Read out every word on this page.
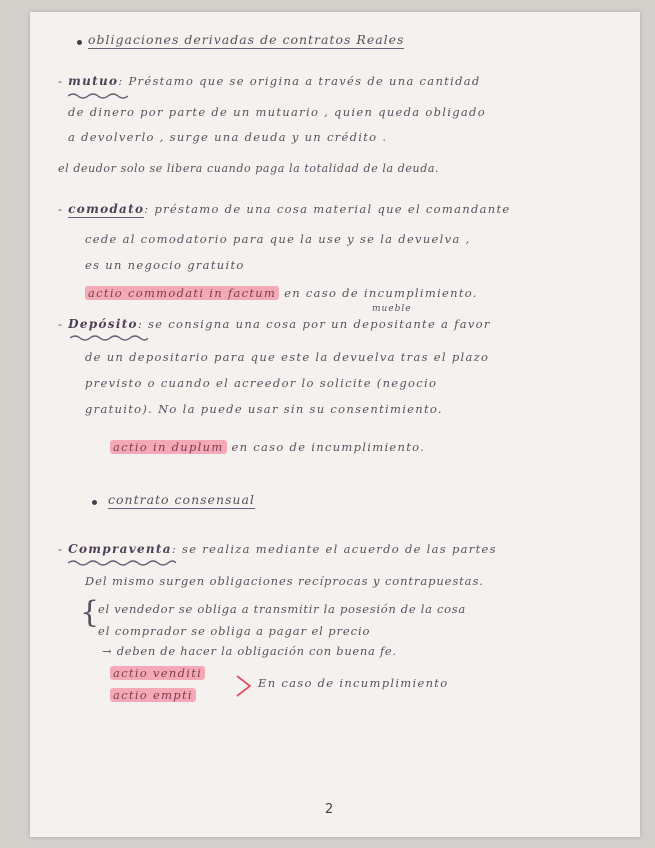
obligaciones derivadas de contratos Reales
- mutuo: Préstamo que se origina a través de una cantidad
de dinero por parte de un mutuario , quien queda obligado
a devolverlo , surge una deuda y un crédito .
el deudor solo se libera cuando paga la totalidad de la deuda.
- comodato: préstamo de una cosa material que el comandante
cede al comodatorio para que la use y se la devuelva ,
es un negocio gratuito
actio commodati in factum en caso de incumplimiento.
mueble
- Depósito: se consigna una cosa por un depositante a favor
de un depositario para que este la devuelva tras el plazo
previsto o cuando el acreedor lo solicite (negocio
gratuito). No la puede usar sin su consentimiento.
actio in duplum en caso de incumplimiento.
contrato consensual
- Compraventa: se realiza mediante el acuerdo de las partes
Del mismo surgen obligaciones recíprocas y contrapuestas.
{
el vendedor se obliga a transmitir la posesión de la cosa
el comprador se obliga a pagar el precio
→ deben de hacer la obligación con buena fe.
actio venditi
actio empti
En caso de incumplimiento
2
